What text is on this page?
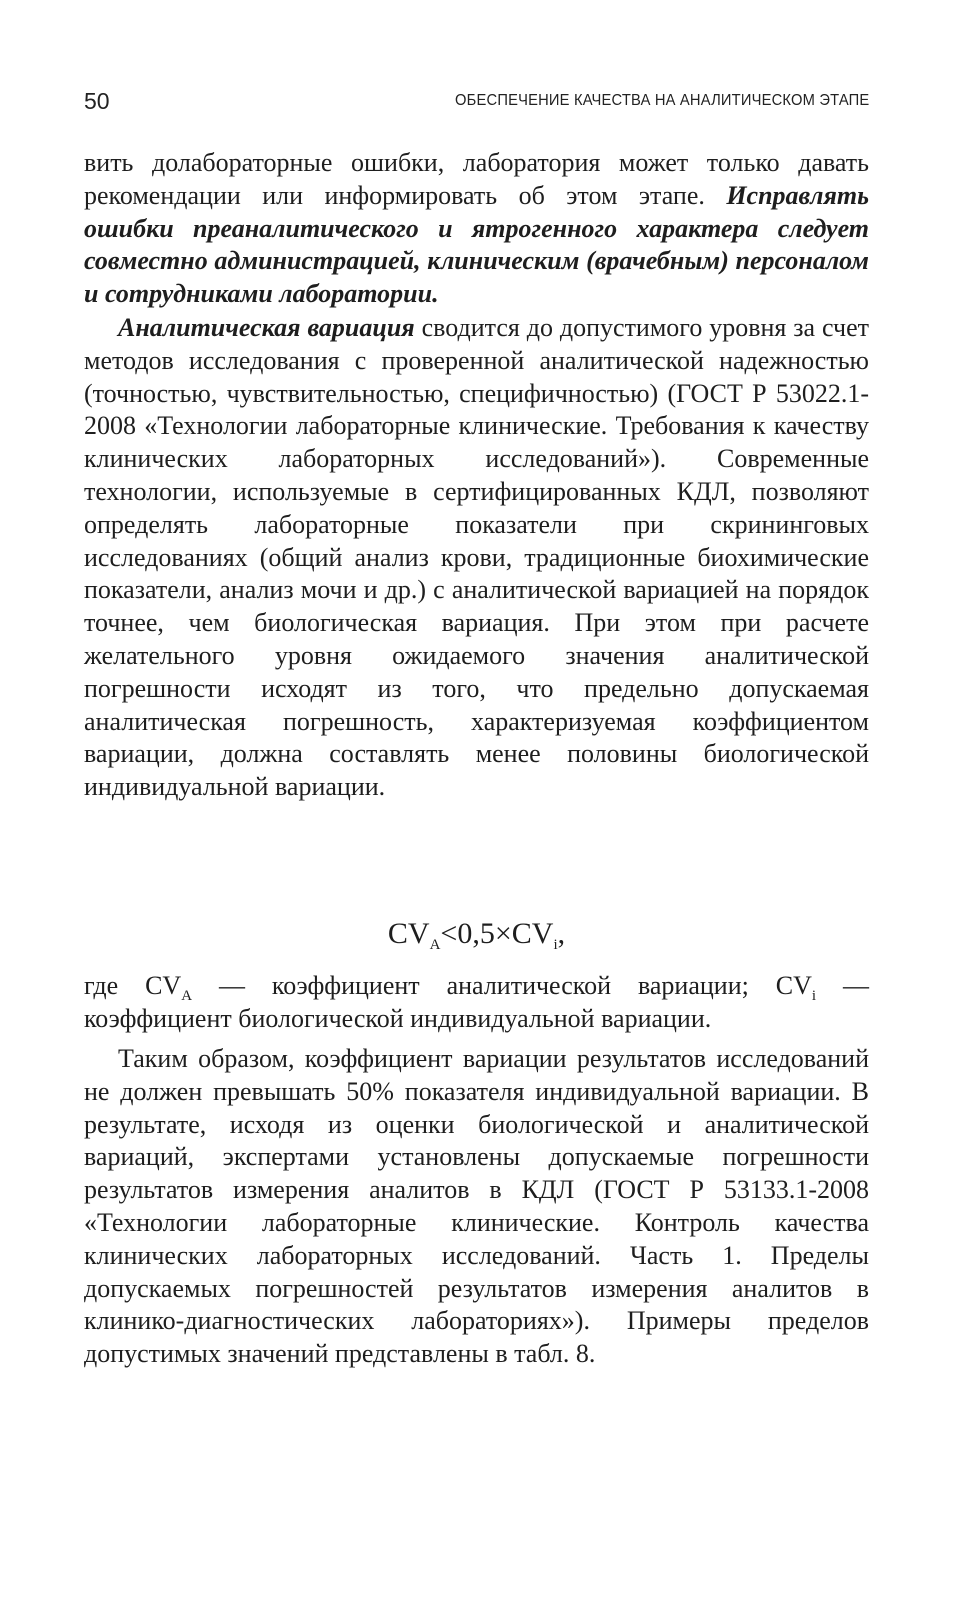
50	ОБЕСПЕЧЕНИЕ КАЧЕСТВА НА АНАЛИТИЧЕСКОМ ЭТАПЕ

вить долабораторные ошибки, лаборатория может только давать рекомендации или информировать об этом этапе. Исправлять ошибки преаналитического и ятрогенного характера следует совместно администрацией, клиническим (врачебным) персоналом и сотрудниками лаборатории.

Аналитическая вариация сводится до допустимого уровня за счет методов исследования с проверенной аналитической надежностью (точностью, чувствительностью, специфичностью) (ГОСТ Р 53022.1-2008 «Технологии лабораторные клинические. Требования к качеству клинических лабораторных исследований»). Современные технологии, используемые в сертифицированных КДЛ, позволяют определять лабораторные показатели при скрининговых исследованиях (общий анализ крови, традиционные биохимические показатели, анализ мочи и др.) с аналитической вариацией на порядок точнее, чем биологическая вариация. При этом при расчете желательного уровня ожидаемого значения аналитической погрешности исходят из того, что предельно допускаемая аналитическая погрешность, характеризуемая коэффициентом вариации, должна составлять менее половины биологической индивидуальной вариации.

$CV_A<0,5\times CV_i$,

где $CV_A$ — коэффициент аналитической вариации; $CV_i$ — коэффициент биологической индивидуальной вариации.

Таким образом, коэффициент вариации результатов исследований не должен превышать 50% показателя индивидуальной вариации. В результате, исходя из оценки биологической и аналитической вариаций, экспертами установлены допускаемые погрешности результатов измерения аналитов в КДЛ (ГОСТ Р 53133.1-2008 «Технологии лабораторные клинические. Контроль качества клинических лабораторных исследований. Часть 1. Пределы допускаемых погрешностей результатов измерения аналитов в клинико-диагностических лабораториях»). Примеры пределов допустимых значений представлены в табл. 8.
